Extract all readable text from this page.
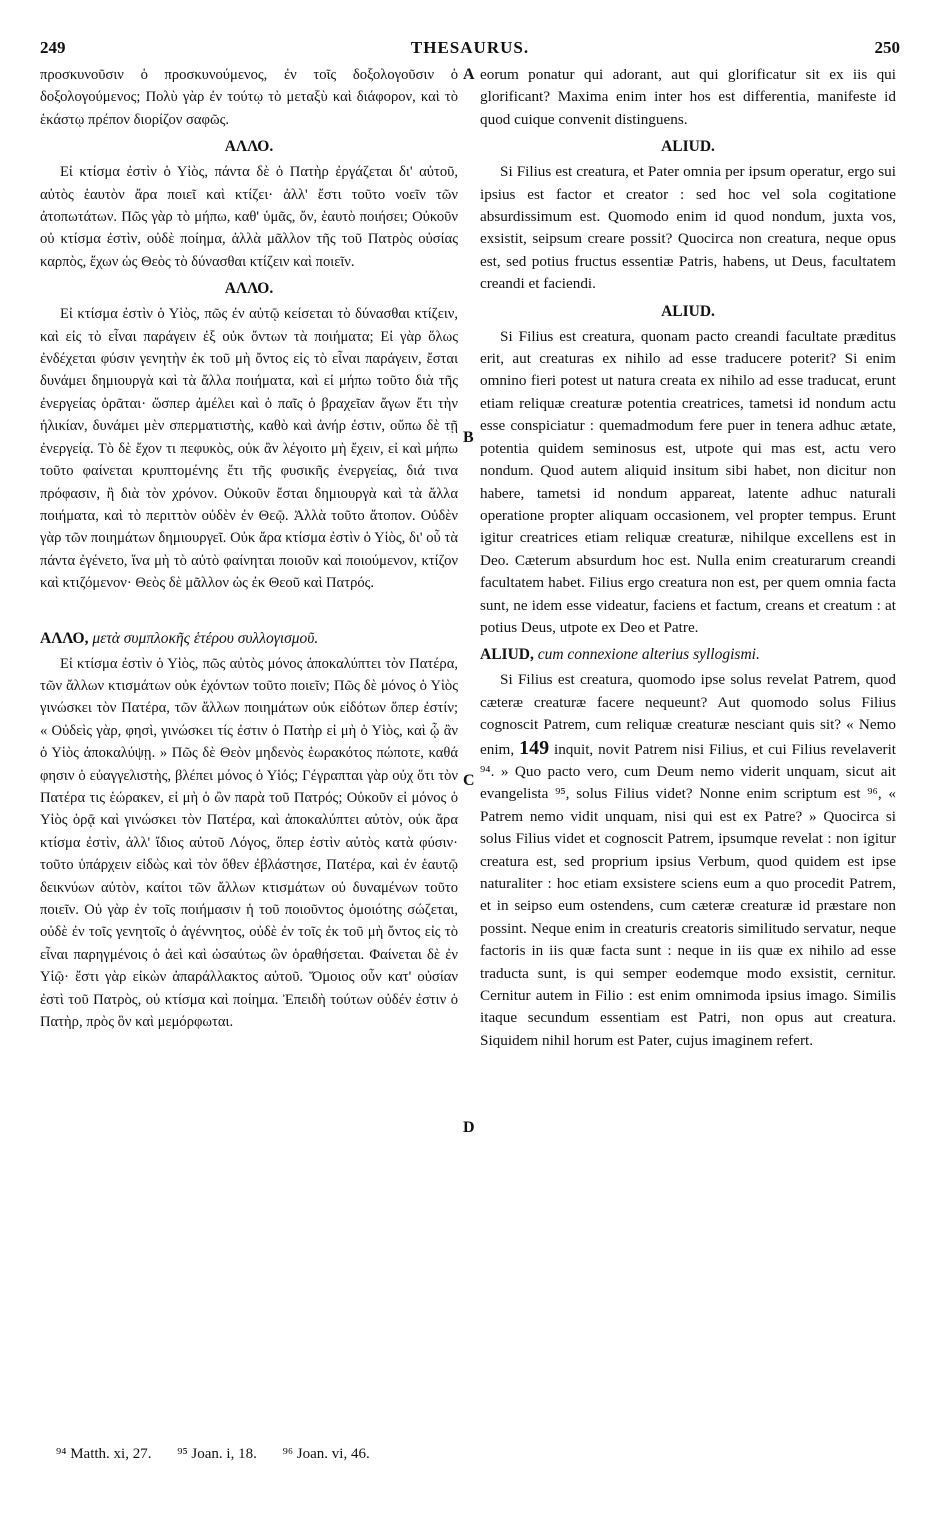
249	THESAURUS.	250

προσκυνοῦσιν ὁ προσκυνούμενος, ἐν τοῖς δοξολογοῦσιν ὁ δοξολογούμενος; Πολὺ γὰρ ἐν τούτῳ τὸ μεταξὺ καὶ διάφορον, καὶ τὸ ἑκάστῳ πρέπον διορίζον σαφῶς.

ΑΛΛΟ.

Εἰ κτίσμα ἐστὶν ὁ Υἱὸς, πάντα δὲ ὁ Πατὴρ ἐργάζεται δι' αὐτοῦ, αὐτὸς ἑαυτὸν ἄρα ποιεῖ καὶ κτίζει· ἀλλ' ἔστι τοῦτο νοεῖν τῶν ἀτοπωτάτων. Πῶς γὰρ τὸ μήπω, καθ' ὑμᾶς, ὄν, ἑαυτὸ ποιήσει; Οὐκοῦν οὐ κτίσμα ἐστὶν, οὐδὲ ποίημα, ἀλλὰ μᾶλλον τῆς τοῦ Πατρὸς οὐσίας καρπὸς, ἔχων ὡς Θεὸς τὸ δύνασθαι κτίζειν καὶ ποιεῖν.

ΑΛΛΟ.

Εἰ κτίσμα ἐστὶν ὁ Υἱὸς, πῶς ἐν αὐτῷ κείσεται τὸ δύνασθαι κτίζειν, καὶ εἰς τὸ εἶναι παράγειν ἐξ οὐκ ὄντων τὰ ποιήματα; Εἰ γὰρ ὅλως ἐνδέχεται φύσιν γενητὴν ἐκ τοῦ μὴ ὄντος εἰς τὸ εἶναι παράγειν, ἔσται δυνάμει δημιουργὰ καὶ τὰ ἄλλα ποιήματα, καὶ εἰ μήπω τοῦτο διὰ τῆς ἐνεργείας ὁρᾶται· ὥσπερ ἀμέλει καὶ ὁ παῖς ὁ βραχεῖαν ἄγων ἔτι τὴν ἡλικίαν, δυνάμει μὲν σπερματιστὴς, καθὸ καὶ ἀνήρ ἐστιν, οὔπω δὲ τῇ ἐνεργείᾳ. Τὸ δὲ ἔχον τι πεφυκὸς, οὐκ ἂν λέγοιτο μὴ ἔχειν, εἰ καὶ μήπω τοῦτο φαίνεται κρυπτομένης ἔτι τῆς φυσικῆς ἐνεργείας, διά τινα πρόφασιν, ἢ διὰ τὸν χρόνον. Οὐκοῦν ἔσται δημιουργὰ καὶ τὰ ἄλλα ποιήματα, καὶ τὸ περιττὸν οὐδὲν ἐν Θεῷ. Ἀλλὰ τοῦτο ἄτοπον. Οὐδὲν γὰρ τῶν ποιημάτων δημιουργεῖ. Οὐκ ἄρα κτίσμα ἐστὶν ὁ Υἱὸς, δι' οὗ τὰ πάντα ἐγένετο, ἵνα μὴ τὸ αὐτὸ φαίνηται ποιοῦν καὶ ποιούμενον, κτίζον καὶ κτιζόμενον· Θεὸς δὲ μᾶλλον ὡς ἐκ Θεοῦ καὶ Πατρός.

ΑΛΛΟ, μετὰ συμπλοκῆς ἑτέρου συλλογισμοῦ.

Εἰ κτίσμα ἐστὶν ὁ Υἱὸς, πῶς αὐτὸς μόνος ἀποκαλύπτει τὸν Πατέρα, τῶν ἄλλων κτισμάτων οὐκ ἐχόντων τοῦτο ποιεῖν; Πῶς δὲ μόνος ὁ Υἱὸς γινώσκει τὸν Πατέρα, τῶν ἄλλων ποιημάτων οὐκ εἰδότων ὅπερ ἐστίν; « Οὐδεὶς γὰρ, φησὶ, γινώσκει τίς ἐστιν ὁ Πατὴρ εἰ μὴ ὁ Υἱὸς, καὶ ᾧ ἂν ὁ Υἱὸς ἀποκαλύψῃ. » Πῶς δὲ Θεὸν μηδενὸς ἑωρακότος πώποτε, καθά φησιν ὁ εὐαγγελιστὴς, βλέπει μόνος ὁ Υἱός; Γέγραπται γὰρ οὐχ ὅτι τὸν Πατέρα τις ἑώρακεν, εἰ μὴ ὁ ὢν παρὰ τοῦ Πατρός; Οὐκοῦν εἰ μόνος ὁ Υἱὸς ὁρᾷ καὶ γινώσκει τὸν Πατέρα, καὶ ἀποκαλύπτει αὐτὸν, οὐκ ἄρα κτίσμα ἐστὶν, ἀλλ' ἴδιος αὐτοῦ Λόγος, ὅπερ ἐστὶν αὐτὸς κατὰ φύσιν· τοῦτο ὑπάρχειν εἰδὼς καὶ τὸν ὅθεν ἐβλάστησε, Πατέρα, καὶ ἐν ἑαυτῷ δεικνύων αὐτὸν, καίτοι τῶν ἄλλων κτισμάτων οὐ δυναμένων τοῦτο ποιεῖν. Οὐ γὰρ ἐν τοῖς ποιήμασιν ἡ τοῦ ποιοῦντος ὁμοιότης σώζεται, οὐδὲ ἐν τοῖς γενητοῖς ὁ ἀγέννητος, οὐδὲ ἐν τοῖς ἐκ τοῦ μὴ ὄντος εἰς τὸ εἶναι παρηγμένοις ὁ ἀεὶ καὶ ὡσαύτως ὢν ὁραθήσεται. Φαίνεται δὲ ἐν Υἱῷ· ἔστι γὰρ εἰκὼν ἀπαράλλακτος αὐτοῦ. Ὅμοιος οὖν κατ' οὐσίαν ἐστὶ τοῦ Πατρὸς, οὐ κτίσμα καὶ ποίημα. Ἐπειδὴ τούτων οὐδέν ἐστιν ὁ Πατὴρ, πρὸς ὃν καὶ μεμόρφωται.

eorum ponatur qui adorant, aut qui glorificatur sit ex iis qui glorificant? Maxima enim inter hos est differentia, manifeste id quod cuique convenit distinguens.

ALIUD.

Si Filius est creatura, et Pater omnia per ipsum operatur, ergo sui ipsius est factor et creator : sed hoc vel sola cogitatione absurdissimum est. Quomodo enim id quod nondum, juxta vos, exsistit, seipsum creare possit? Quocirca non creatura, neque opus est, sed potius fructus essentiæ Patris, habens, ut Deus, facultatem creandi et faciendi.

ALIUD.

Si Filius est creatura, quonam pacto creandi facultate præditus erit, aut creaturas ex nihilo ad esse traducere poterit? Si enim omnino fieri potest ut natura creata ex nihilo ad esse traducat, erunt etiam reliquæ creaturæ potentia creatrices, tametsi id nondum actu esse conspiciatur : quemadmodum fere puer in tenera adhuc ætate, potentia quidem seminosus est, utpote qui mas est, actu vero nondum. Quod autem aliquid insitum sibi habet, non dicitur non habere, tametsi id nondum appareat, latente adhuc naturali operatione propter aliquam occasionem, vel propter tempus. Erunt igitur creatrices etiam reliquæ creaturæ, nihilque excellens est in Deo. Cæterum absurdum hoc est. Nulla enim creaturarum creandi facultatem habet. Filius ergo creatura non est, per quem omnia facta sunt, ne idem esse videatur, faciens et factum, creans et creatum : at potius Deus, utpote ex Deo et Patre.

ALIUD, cum connexione alterius syllogismi.

Si Filius est creatura, quomodo ipse solus revelat Patrem, quod cæteræ creaturæ facere nequeunt? Aut quomodo solus Filius cognoscit Patrem, cum reliquæ creaturæ nesciant quis sit? « Nemo enim, 149 inquit, novit Patrem nisi Filius, et cui Filius revelaverit ⁹⁴. » Quo pacto vero, cum Deum nemo viderit unquam, sicut ait evangelista ⁹⁵, solus Filius videt? Nonne enim scriptum est ⁹⁶, « Patrem nemo vidit unquam, nisi qui est ex Patre? » Quocirca si solus Filius videt et cognoscit Patrem, ipsumque revelat : non igitur creatura est, sed proprium ipsius Verbum, quod quidem est ipse naturaliter : hoc etiam exsistere sciens eum a quo procedit Patrem, et in seipso eum ostendens, cum cæteræ creaturæ id præstare non possint. Neque enim in creaturis creatoris similitudo servatur, neque factoris in iis quæ facta sunt : neque in iis quæ ex nihilo ad esse traducta sunt, is qui semper eodemque modo exsistit, cernitur. Cernitur autem in Filio : est enim omnimoda ipsius imago. Similis itaque secundum essentiam est Patri, non opus aut creatura. Siquidem nihil horum est Pater, cujus imaginem refert.

A
B
C
D
⁹⁴ Matth. xi, 27. ⁹⁵ Joan. i, 18. ⁹⁶ Joan. vi, 46.
